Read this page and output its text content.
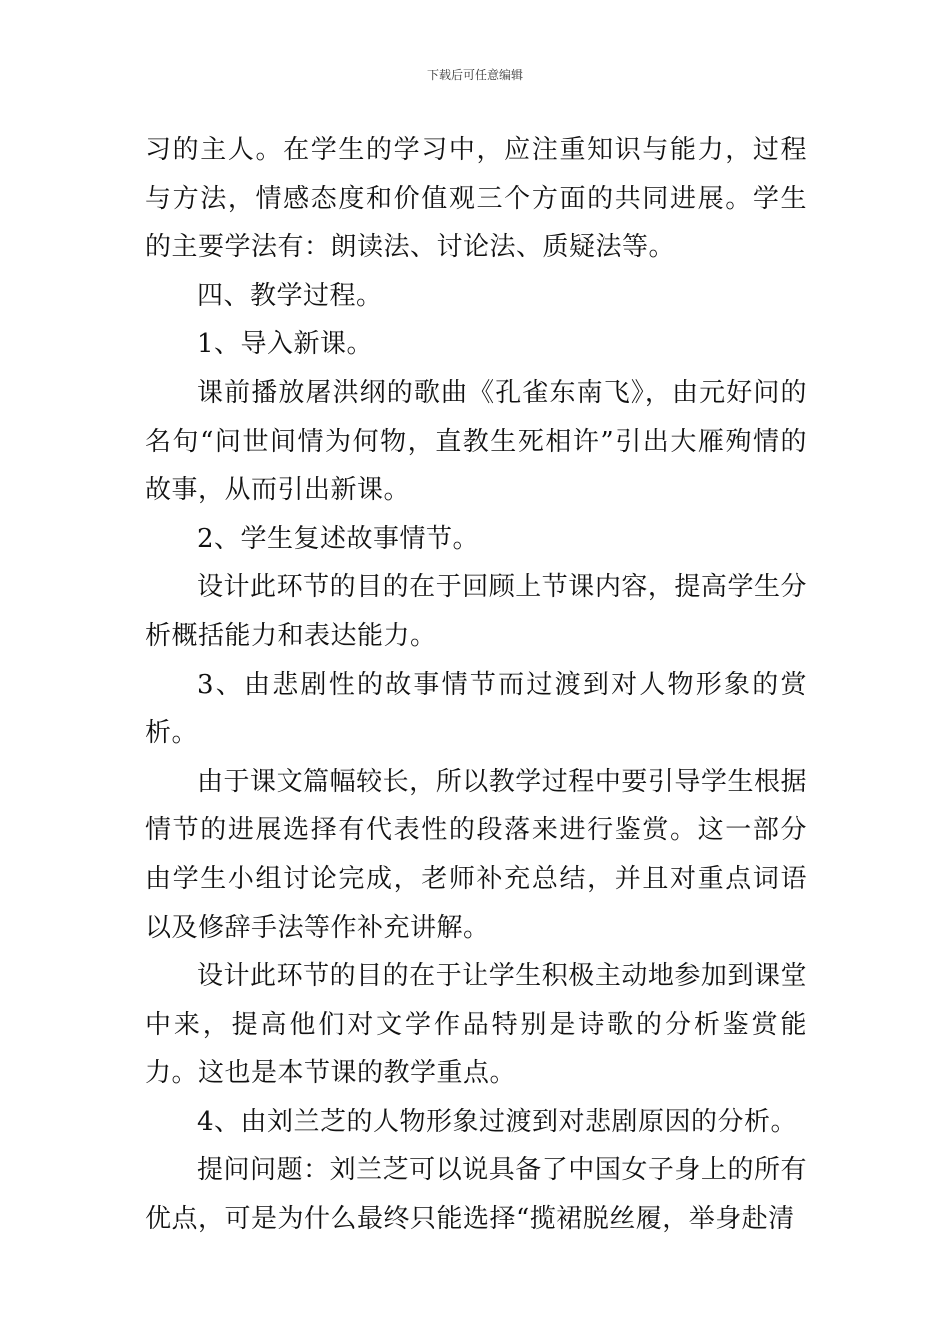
下载后可任意编辑

习的主人。在学生的学习中，应注重知识与能力，过程与方法，情感态度和价值观三个方面的共同进展。学生的主要学法有：朗读法、讨论法、质疑法等。

四、教学过程。

1、导入新课。

课前播放屠洪纲的歌曲《孔雀东南飞》，由元好问的名句“问世间情为何物，直教生死相许”引出大雁殉情的故事，从而引出新课。

2、学生复述故事情节。

设计此环节的目的在于回顾上节课内容，提高学生分析概括能力和表达能力。

3、由悲剧性的故事情节而过渡到对人物形象的赏析。

由于课文篇幅较长，所以教学过程中要引导学生根据情节的进展选择有代表性的段落来进行鉴赏。这一部分由学生小组讨论完成，老师补充总结，并且对重点词语以及修辞手法等作补充讲解。

设计此环节的目的在于让学生积极主动地参加到课堂中来，提高他们对文学作品特别是诗歌的分析鉴赏能力。这也是本节课的教学重点。

4、由刘兰芝的人物形象过渡到对悲剧原因的分析。

提问问题：刘兰芝可以说具备了中国女子身上的所有优点，可是为什么最终只能选择“揽裙脱丝履，举身赴清
